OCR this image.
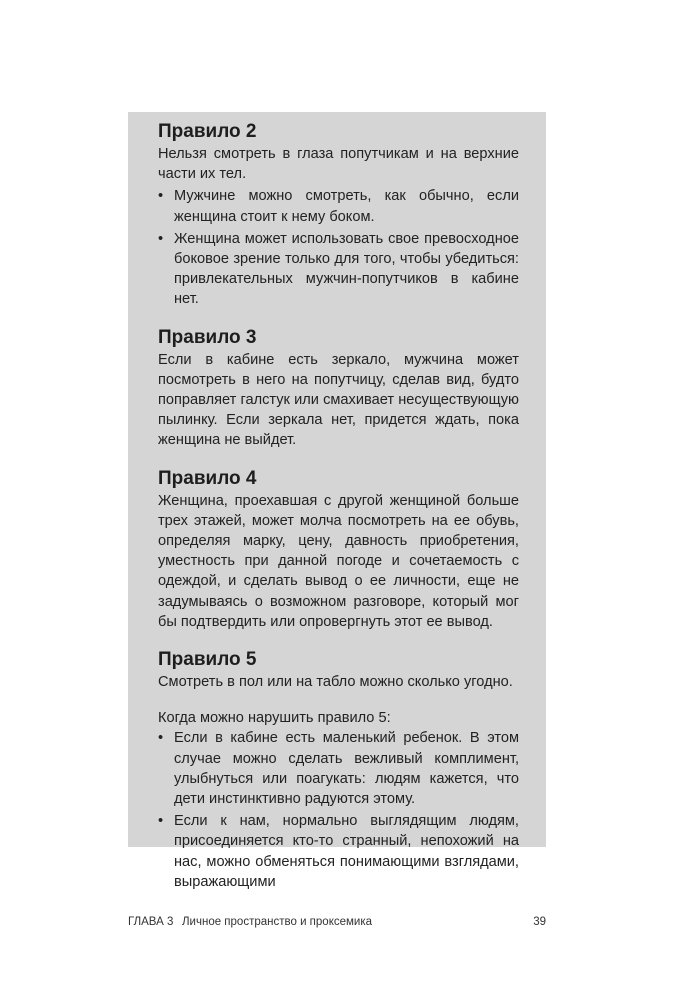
Правило 2

Нельзя смотреть в глаза попутчикам и на верхние части их тел.

• Мужчине можно смотреть, как обычно, если женщина стоит к нему боком.
• Женщина может использовать свое превосходное боковое зрение только для того, чтобы убедиться: привлекательных мужчин-попутчиков в кабине нет.
Правило 3

Если в кабине есть зеркало, мужчина может посмотреть в него на попутчицу, сделав вид, будто поправляет галстук или смахивает несуществующую пылинку. Если зеркала нет, придется ждать, пока женщина не выйдет.

Правило 4

Женщина, проехавшая с другой женщиной больше трех этажей, может молча посмотреть на ее обувь, определяя марку, цену, давность приобретения, уместность при данной погоде и сочетаемость с одеждой, и сделать вывод о ее личности, еще не задумываясь о возможном разговоре, который мог бы подтвердить или опровергнуть этот ее вывод.

Правило 5

Смотреть в пол или на табло можно сколько угодно.

Когда можно нарушить правило 5:

• Если в кабине есть маленький ребенок. В этом случае можно сделать вежливый комплимент, улыбнуться или поагукать: людям кажется, что дети инстинктивно радуются этому.
• Если к нам, нормально выглядящим людям, присоединяется кто-то странный, непохожий на нас, можно обменяться понимающими взглядами, выражающими
ГЛАВА 3 Личное пространство и проксемика	39
